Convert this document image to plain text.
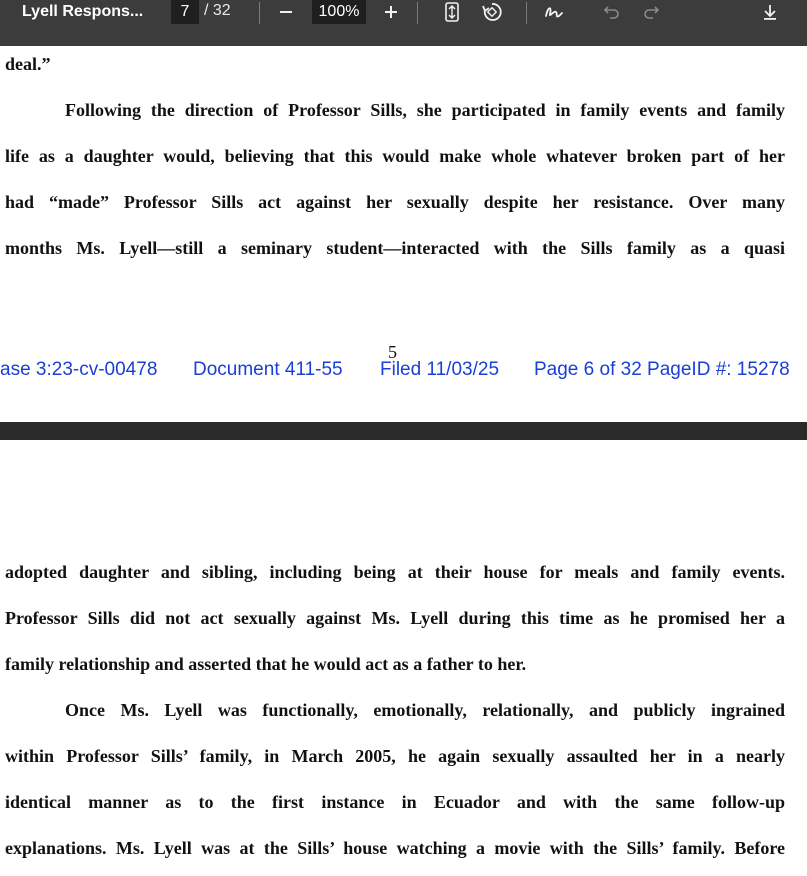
Lyell Respons...	7 / 32	100%
deal.”
Following the direction of Professor Sills, she participated in family events and family
life as a daughter would, believing that this would make whole whatever broken part of her
had “made” Professor Sills act against her sexually despite her resistance. Over many
months Ms. Lyell—still a seminary student—interacted with the Sills family as a quasi
5
ase 3:23-cv-00478 Document 411-55 Filed 11/03/25 Page 6 of 32 PageID #: 15278
adopted daughter and sibling, including being at their house for meals and family events.
Professor Sills did not act sexually against Ms. Lyell during this time as he promised her a
family relationship and asserted that he would act as a father to her.
Once Ms. Lyell was functionally, emotionally, relationally, and publicly ingrained
within Professor Sills’ family, in March 2005, he again sexually assaulted her in a nearly
identical manner as to the first instance in Ecuador and with the same follow-up
explanations. Ms. Lyell was at the Sills’ house watching a movie with the Sills’ family. Before
